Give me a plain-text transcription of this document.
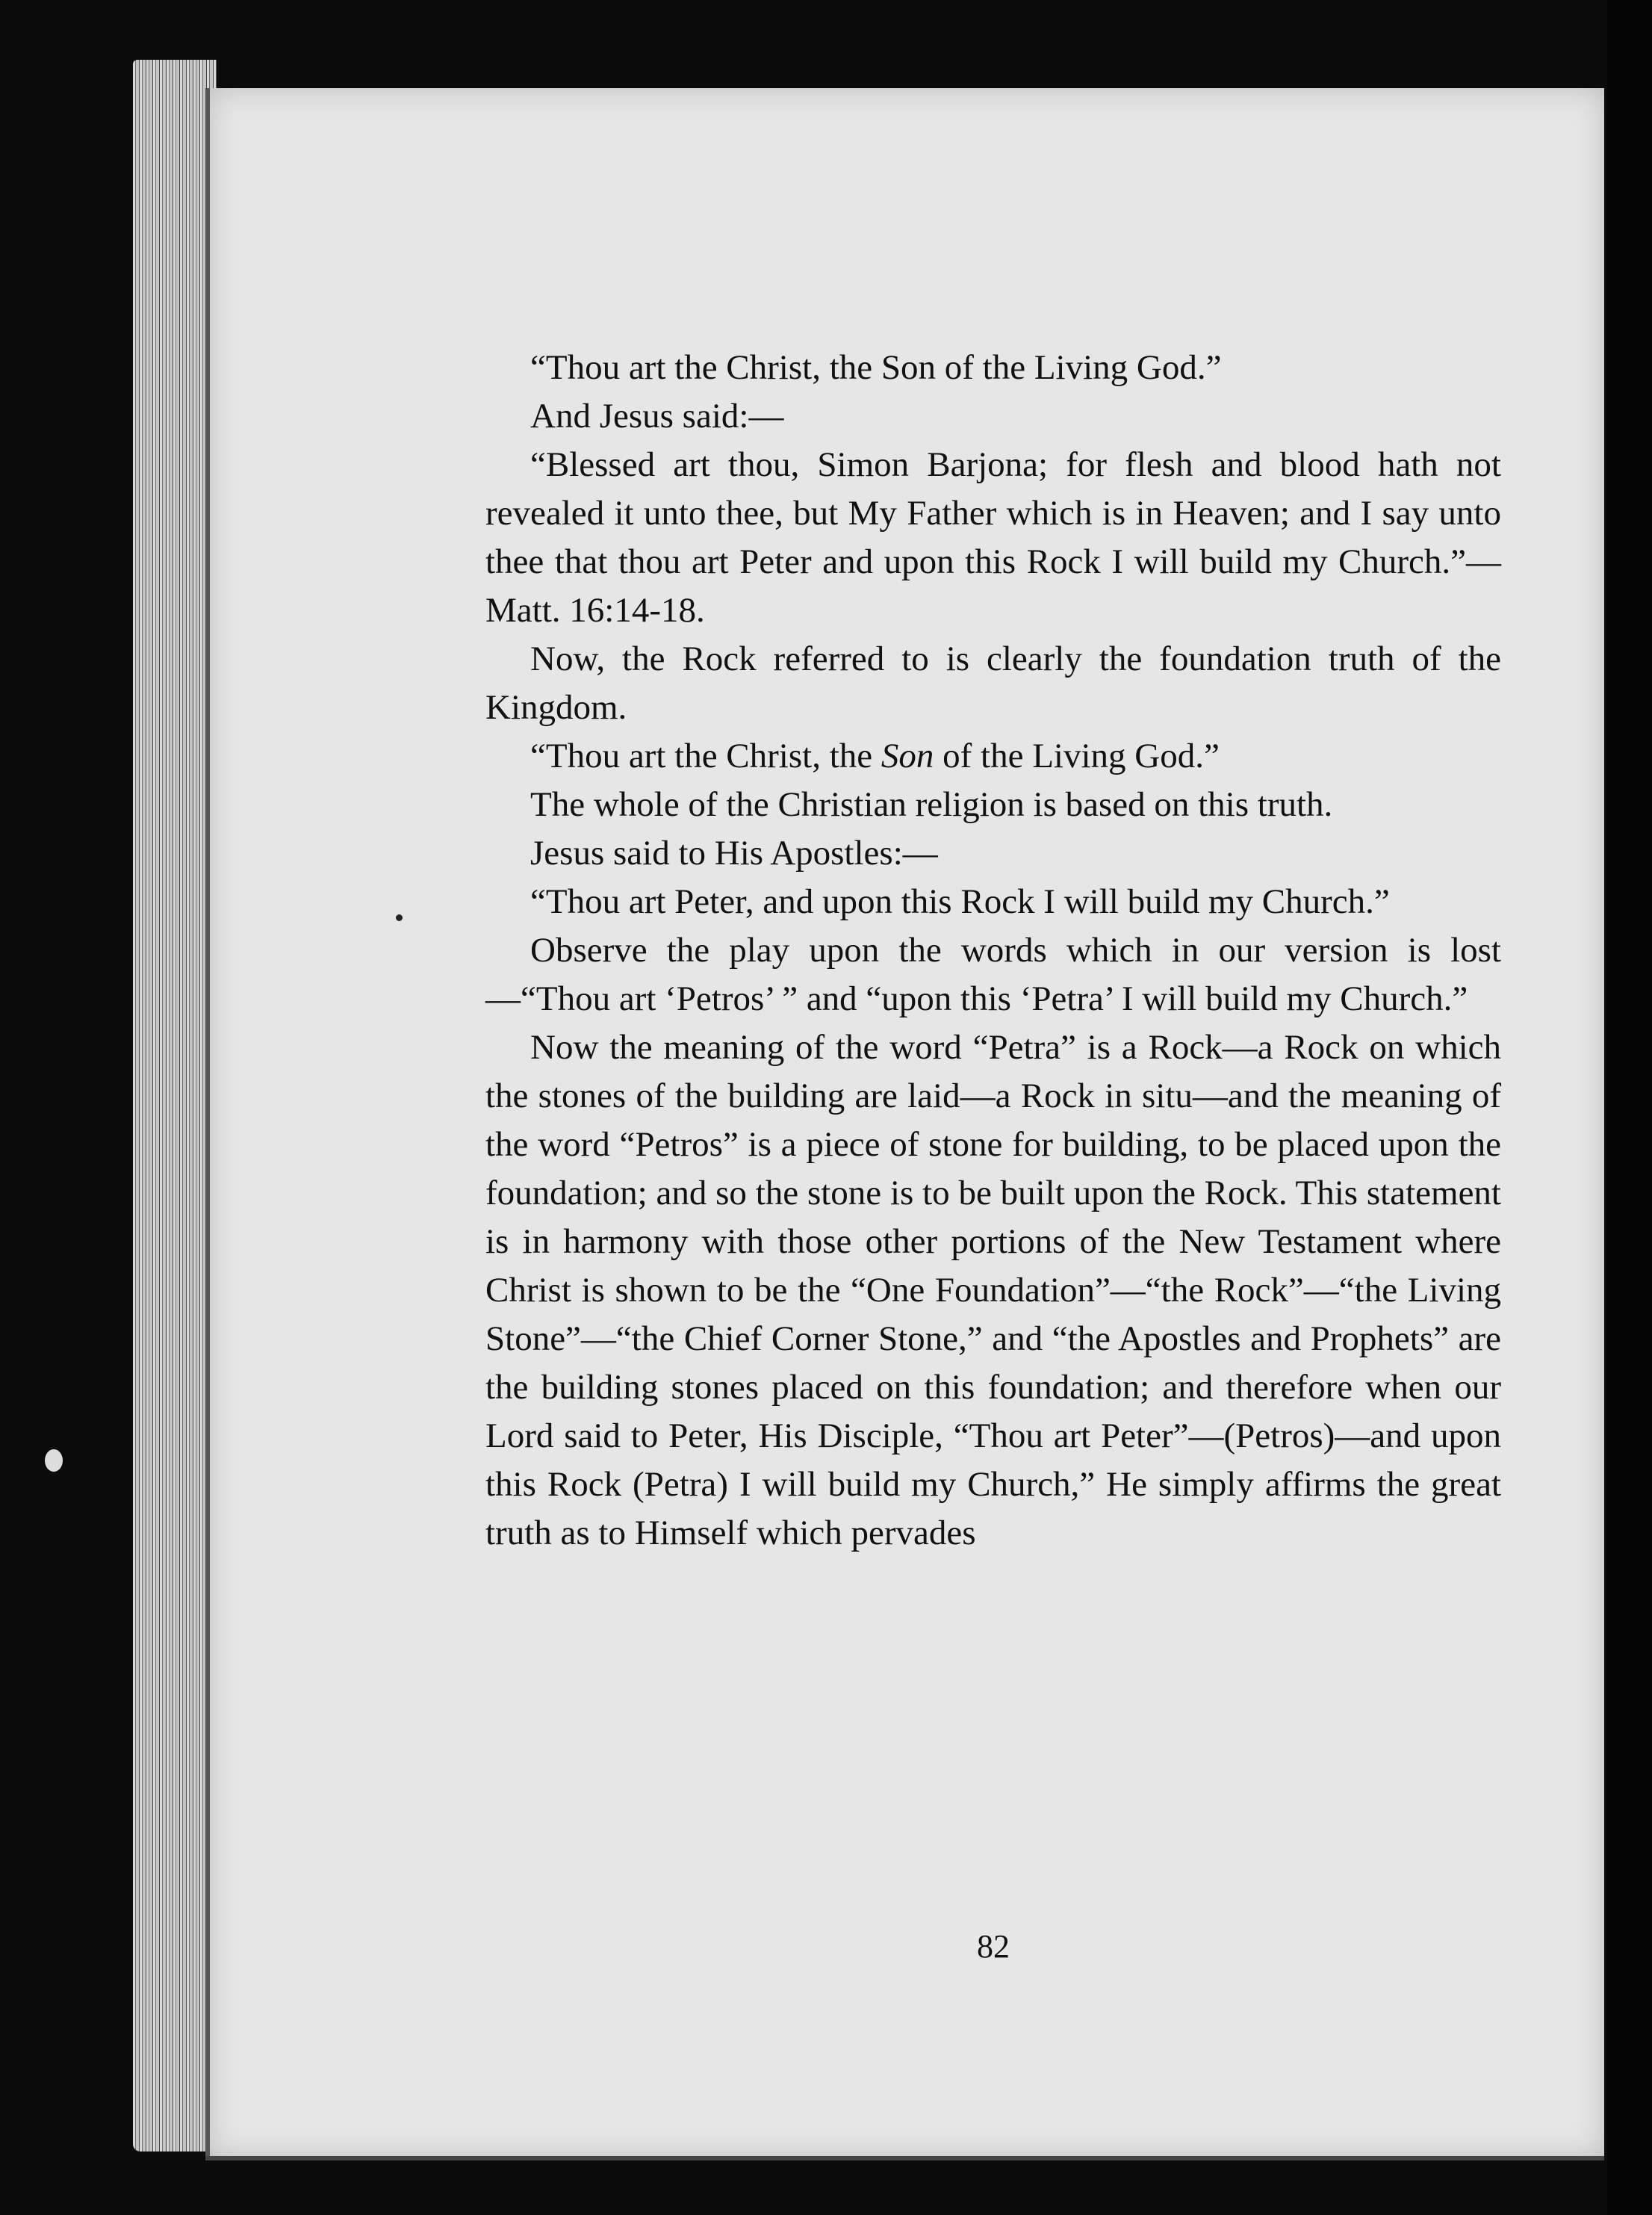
“Thou art the Christ, the Son of the Living God.”

And Jesus said:—

“Blessed art thou, Simon Barjona; for flesh and blood hath not revealed it unto thee, but My Father which is in Heaven; and I say unto thee that thou art Peter and upon this Rock I will build my Church.”—Matt. 16:14-18.

Now, the Rock referred to is clearly the foundation truth of the Kingdom.

“Thou art the Christ, the Son of the Living God.”

The whole of the Christian religion is based on this truth.

Jesus said to His Apostles:—

“Thou art Peter, and upon this Rock I will build my Church.”

Observe the play upon the words which in our version is lost—“Thou art ‘Petros’ ” and “upon this ‘Petra’ I will build my Church.”

Now the meaning of the word “Petra” is a Rock—a Rock on which the stones of the building are laid—a Rock in situ—and the meaning of the word “Petros” is a piece of stone for building, to be placed upon the foundation; and so the stone is to be built upon the Rock. This statement is in harmony with those other portions of the New Testament where Christ is shown to be the “One Foundation”—“the Rock”—“the Living Stone”—“the Chief Corner Stone,” and “the Apostles and Prophets” are the building stones placed on this foundation; and therefore when our Lord said to Peter, His Disciple, “Thou art Peter”—(Petros)—and upon this Rock (Petra) I will build my Church,” He simply affirms the great truth as to Himself which pervades

82
